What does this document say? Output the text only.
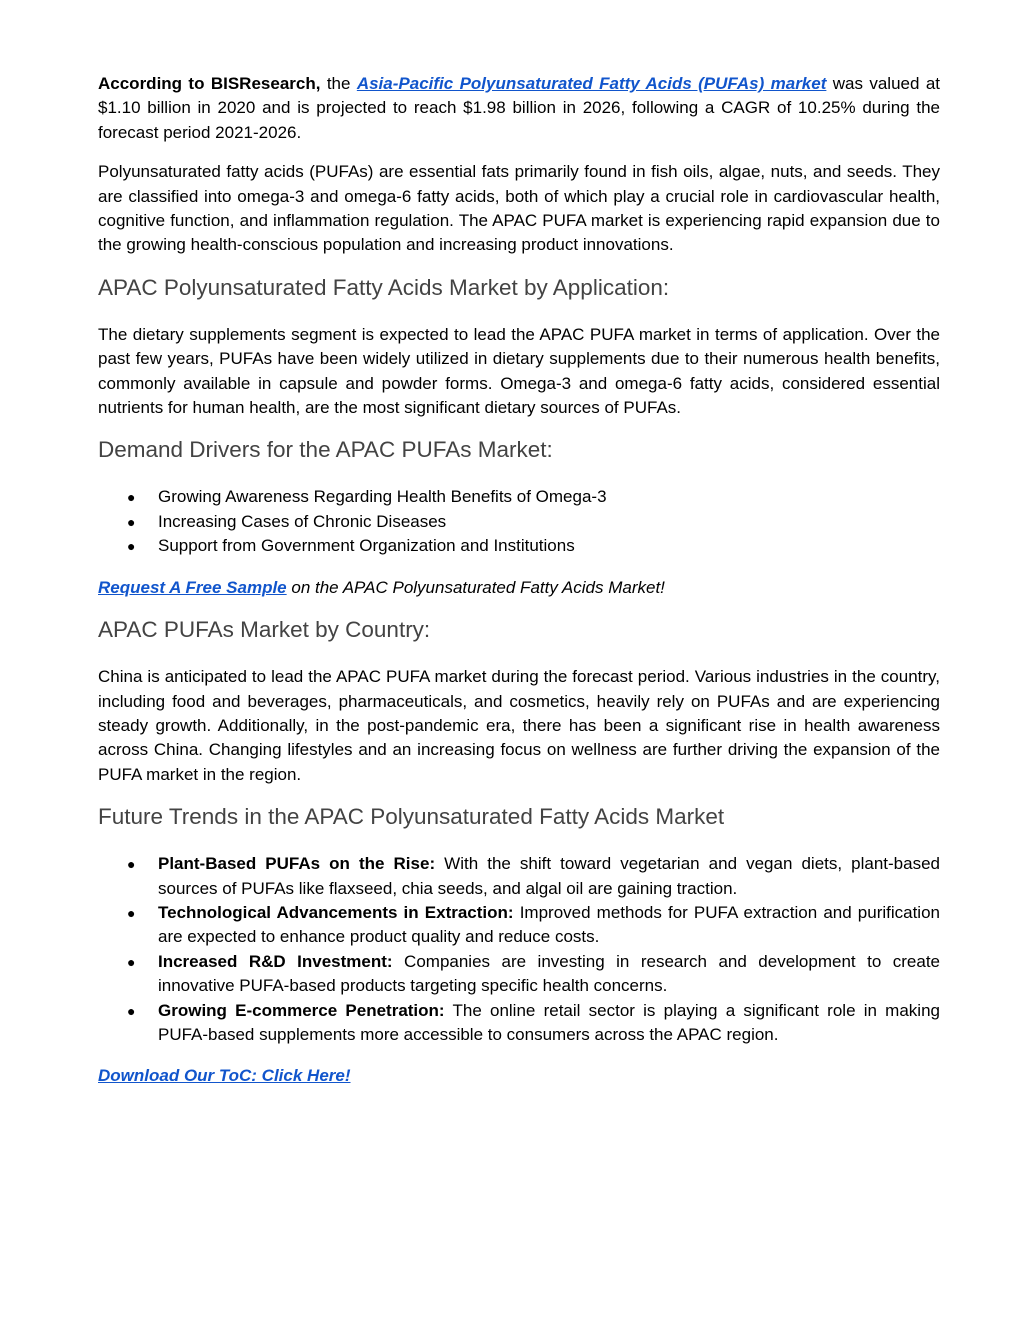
According to BISResearch, the Asia-Pacific Polyunsaturated Fatty Acids (PUFAs) market was valued at $1.10 billion in 2020 and is projected to reach $1.98 billion in 2026, following a CAGR of 10.25% during the forecast period 2021-2026.

Polyunsaturated fatty acids (PUFAs) are essential fats primarily found in fish oils, algae, nuts, and seeds. They are classified into omega-3 and omega-6 fatty acids, both of which play a crucial role in cardiovascular health, cognitive function, and inflammation regulation. The APAC PUFA market is experiencing rapid expansion due to the growing health-conscious population and increasing product innovations.

APAC Polyunsaturated Fatty Acids Market by Application:

The dietary supplements segment is expected to lead the APAC PUFA market in terms of application. Over the past few years, PUFAs have been widely utilized in dietary supplements due to their numerous health benefits, commonly available in capsule and powder forms. Omega-3 and omega-6 fatty acids, considered essential nutrients for human health, are the most significant dietary sources of PUFAs.

Demand Drivers for the APAC PUFAs Market:
● Growing Awareness Regarding Health Benefits of Omega-3
● Increasing Cases of Chronic Diseases
● Support from Government Organization and Institutions

Request A Free Sample on the APAC Polyunsaturated Fatty Acids Market!

APAC PUFAs Market by Country:

China is anticipated to lead the APAC PUFA market during the forecast period. Various industries in the country, including food and beverages, pharmaceuticals, and cosmetics, heavily rely on PUFAs and are experiencing steady growth. Additionally, in the post-pandemic era, there has been a significant rise in health awareness across China. Changing lifestyles and an increasing focus on wellness are further driving the expansion of the PUFA market in the region.

Future Trends in the APAC Polyunsaturated Fatty Acids Market
● Plant-Based PUFAs on the Rise: With the shift toward vegetarian and vegan diets, plant-based sources of PUFAs like flaxseed, chia seeds, and algal oil are gaining traction.
● Technological Advancements in Extraction: Improved methods for PUFA extraction and purification are expected to enhance product quality and reduce costs.
● Increased R&D Investment: Companies are investing in research and development to create innovative PUFA-based products targeting specific health concerns.
● Growing E-commerce Penetration: The online retail sector is playing a significant role in making PUFA-based supplements more accessible to consumers across the APAC region.

Download Our ToC: Click Here!
